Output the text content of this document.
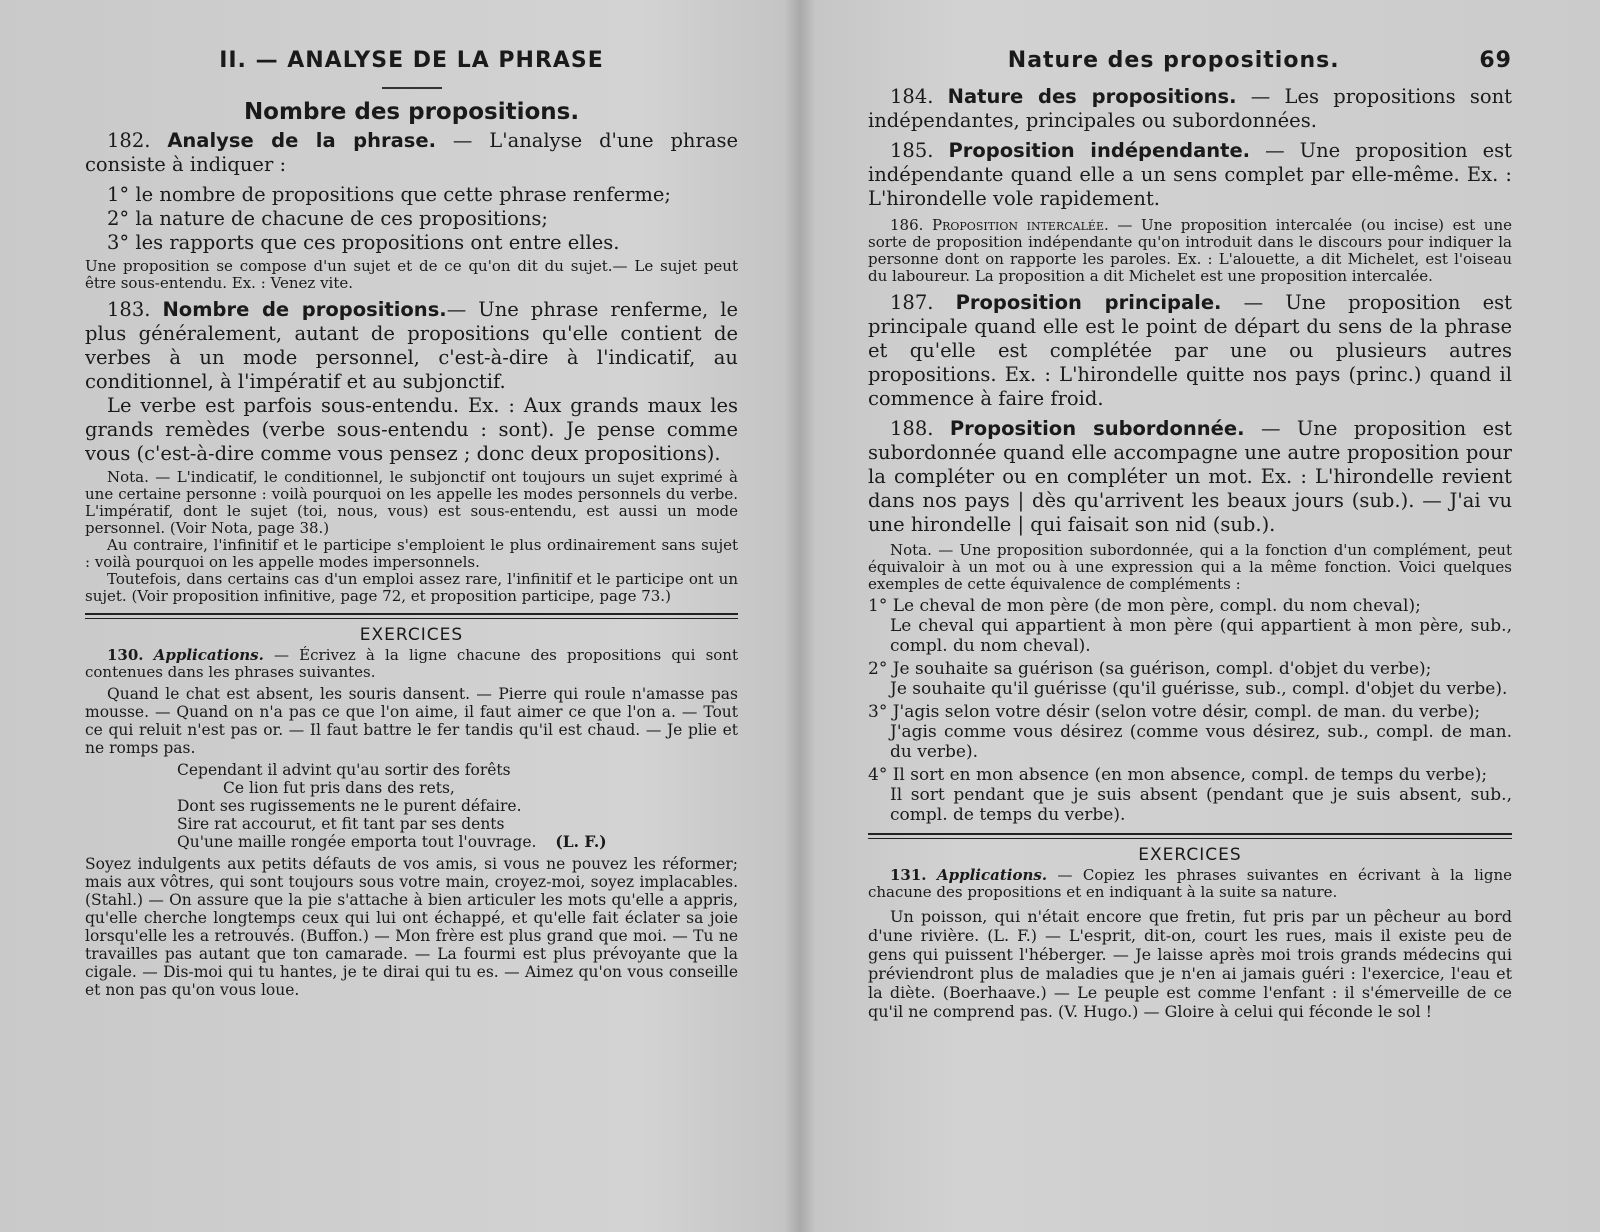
II. — ANALYSE DE LA PHRASE
Nombre des propositions.

182. Analyse de la phrase. — L'analyse d'une phrase consiste à indiquer :

1° le nombre de propositions que cette phrase renferme;

2° la nature de chacune de ces propositions;

3° les rapports que ces propositions ont entre elles.

Une proposition se compose d'un sujet et de ce qu'on dit du sujet.— Le sujet peut être sous-entendu. Ex. : Venez vite.

183. Nombre de propositions.— Une phrase renferme, le plus généralement, autant de propositions qu'elle contient de verbes à un mode personnel, c'est-à-dire à l'indicatif, au conditionnel, à l'impératif et au subjonctif.

Le verbe est parfois sous-entendu. Ex. : Aux grands maux les grands remèdes (verbe sous-entendu : sont). Je pense comme vous (c'est-à-dire comme vous pensez ; donc deux propositions).

Nota. — L'indicatif, le conditionnel, le subjonctif ont toujours un sujet exprimé à une certaine personne : voilà pourquoi on les appelle les modes personnels du verbe. L'impératif, dont le sujet (toi, nous, vous) est sous-entendu, est aussi un mode personnel. (Voir Nota, page 38.)

Au contraire, l'infinitif et le participe s'emploient le plus ordinairement sans sujet : voilà pourquoi on les appelle modes impersonnels.

Toutefois, dans certains cas d'un emploi assez rare, l'infinitif et le participe ont un sujet. (Voir proposition infinitive, page 72, et proposition participe, page 73.)

EXERCICES

130. Applications. — Écrivez à la ligne chacune des propositions qui sont contenues dans les phrases suivantes.

Quand le chat est absent, les souris dansent. — Pierre qui roule n'amasse pas mousse. — Quand on n'a pas ce que l'on aime, il faut aimer ce que l'on a. — Tout ce qui reluit n'est pas or. — Il faut battre le fer tandis qu'il est chaud. — Je plie et ne romps pas.

Cependant il advint qu'au sortir des forêts
Ce lion fut pris dans des rets,
Dont ses rugissements ne le purent défaire.
Sire rat accourut, et fit tant par ses dents
Qu'une maille rongée emporta tout l'ouvrage. (L. F.)

Soyez indulgents aux petits défauts de vos amis, si vous ne pouvez les réformer; mais aux vôtres, qui sont toujours sous votre main, croyez-moi, soyez implacables. (Stahl.) — On assure que la pie s'attache à bien articuler les mots qu'elle a appris, qu'elle cherche longtemps ceux qui lui ont échappé, et qu'elle fait éclater sa joie lorsqu'elle les a retrouvés. (Buffon.) — Mon frère est plus grand que moi. — Tu ne travailles pas autant que ton camarade. — La fourmi est plus prévoyante que la cigale. — Dis-moi qui tu hantes, je te dirai qui tu es. — Aimez qu'on vous conseille et non pas qu'on vous loue.

Nature des propositions.	69

184. Nature des propositions. — Les propositions sont indépendantes, principales ou subordonnées.

185. Proposition indépendante. — Une proposition est indépendante quand elle a un sens complet par elle-même. Ex. : L'hirondelle vole rapidement.

186. Proposition intercalée. — Une proposition intercalée (ou incise) est une sorte de proposition indépendante qu'on introduit dans le discours pour indiquer la personne dont on rapporte les paroles. Ex. : L'alouette, a dit Michelet, est l'oiseau du laboureur. La proposition a dit Michelet est une proposition intercalée.

187. Proposition principale. — Une proposition est principale quand elle est le point de départ du sens de la phrase et qu'elle est complétée par une ou plusieurs autres propositions. Ex. : L'hirondelle quitte nos pays (princ.) quand il commence à faire froid.

188. Proposition subordonnée. — Une proposition est subordonnée quand elle accompagne une autre proposition pour la compléter ou en compléter un mot. Ex. : L'hirondelle revient dans nos pays | dès qu'arrivent les beaux jours (sub.). — J'ai vu une hirondelle | qui faisait son nid (sub.).

Nota. — Une proposition subordonnée, qui a la fonction d'un complément, peut équivaloir à un mot ou à une expression qui a la même fonction. Voici quelques exemples de cette équivalence de compléments :

1° Le cheval de mon père (de mon père, compl. du nom cheval);

Le cheval qui appartient à mon père (qui appartient à mon père, sub., compl. du nom cheval).

2° Je souhaite sa guérison (sa guérison, compl. d'objet du verbe);

Je souhaite qu'il guérisse (qu'il guérisse, sub., compl. d'objet du verbe).

3° J'agis selon votre désir (selon votre désir, compl. de man. du verbe);

J'agis comme vous désirez (comme vous désirez, sub., compl. de man. du verbe).

4° Il sort en mon absence (en mon absence, compl. de temps du verbe);

Il sort pendant que je suis absent (pendant que je suis absent, sub., compl. de temps du verbe).

EXERCICES

131. Applications. — Copiez les phrases suivantes en écrivant à la ligne chacune des propositions et en indiquant à la suite sa nature.

Un poisson, qui n'était encore que fretin, fut pris par un pêcheur au bord d'une rivière. (L. F.) — L'esprit, dit-on, court les rues, mais il existe peu de gens qui puissent l'héberger. — Je laisse après moi trois grands médecins qui préviendront plus de maladies que je n'en ai jamais guéri : l'exercice, l'eau et la diète. (Boerhaave.) — Le peuple est comme l'enfant : il s'émerveille de ce qu'il ne comprend pas. (V. Hugo.) — Gloire à celui qui féconde le sol !
